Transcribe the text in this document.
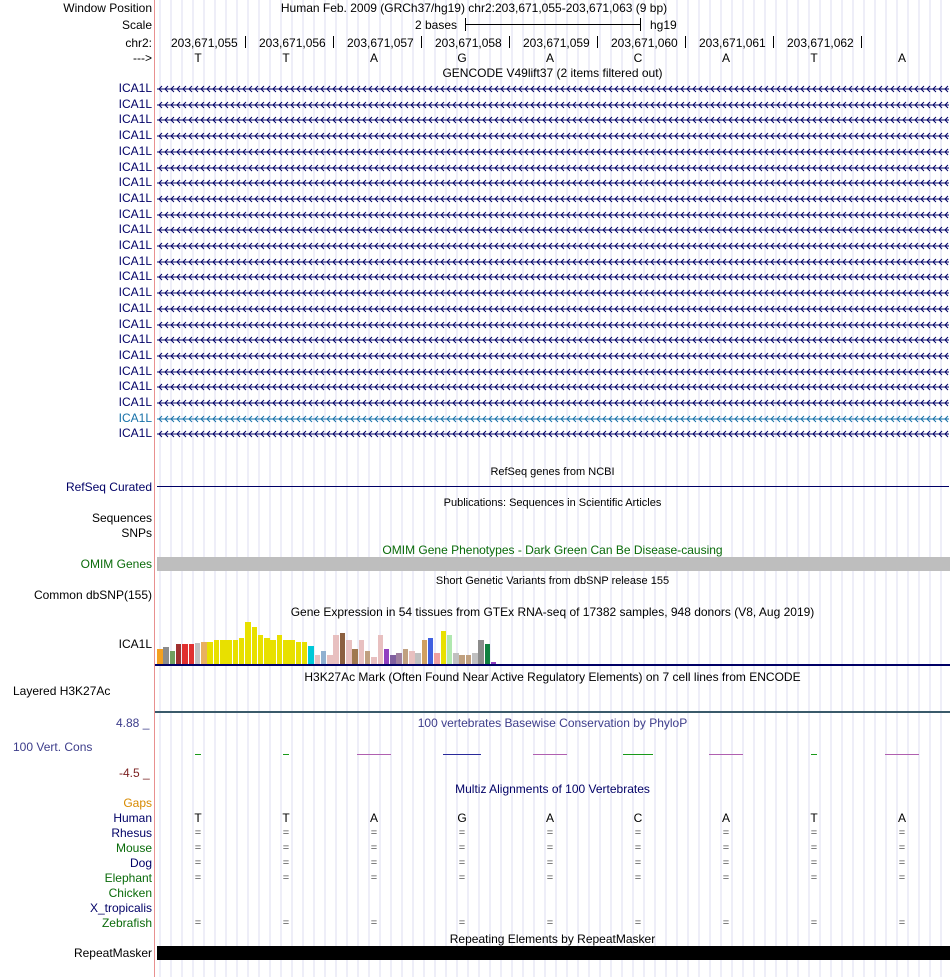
Window Position	Human Feb. 2009 (GRCh37/hg19) chr2:203,671,055-203,671,063 (9 bp)
Scale	2 bases	hg19
chr2: 203,671,055 203,671,056 203,671,057 203,671,058 203,671,059 203,671,060 203,671,061 203,671,062
--->	T	T	A	G	A	C	A	T	A
GENCODE V49lift37 (2 items filtered out)
ICA1L
ICA1L
ICA1L
ICA1L
ICA1L
ICA1L
ICA1L
ICA1L
ICA1L
ICA1L
ICA1L
ICA1L
ICA1L
ICA1L
ICA1L
ICA1L
ICA1L
ICA1L
ICA1L
ICA1L
ICA1L
ICA1L
ICA1L
RefSeq genes from NCBI
RefSeq Curated
Publications: Sequences in Scientific Articles
Sequences
SNPs
OMIM Gene Phenotypes - Dark Green Can Be Disease-causing
OMIM Genes
Short Genetic Variants from dbSNP release 155
Common dbSNP(155)
Gene Expression in 54 tissues from GTEx RNA-seq of 17382 samples, 948 donors (V8, Aug 2019)
ICA1L
H3K27Ac Mark (Often Found Near Active Regulatory Elements) on 7 cell lines from ENCODE
Layered H3K27Ac
4.88 _	100 vertebrates Basewise Conservation by PhyloP
100 Vert. Cons
-4.5 _
Multiz Alignments of 100 Vertebrates
Gaps
Human	T	T	A	G	A	C	A	T	A
Rhesus	=	=	=	=	=	=	=	=	=
Mouse	=	=	=	=	=	=	=	=	=
Dog	=	=	=	=	=	=	=	=	=
Elephant	=	=	=	=	=	=	=	=	=
Chicken
X_tropicalis
Zebrafish	=	=	=	=	=	=	=	=	=
Repeating Elements by RepeatMasker
RepeatMasker
